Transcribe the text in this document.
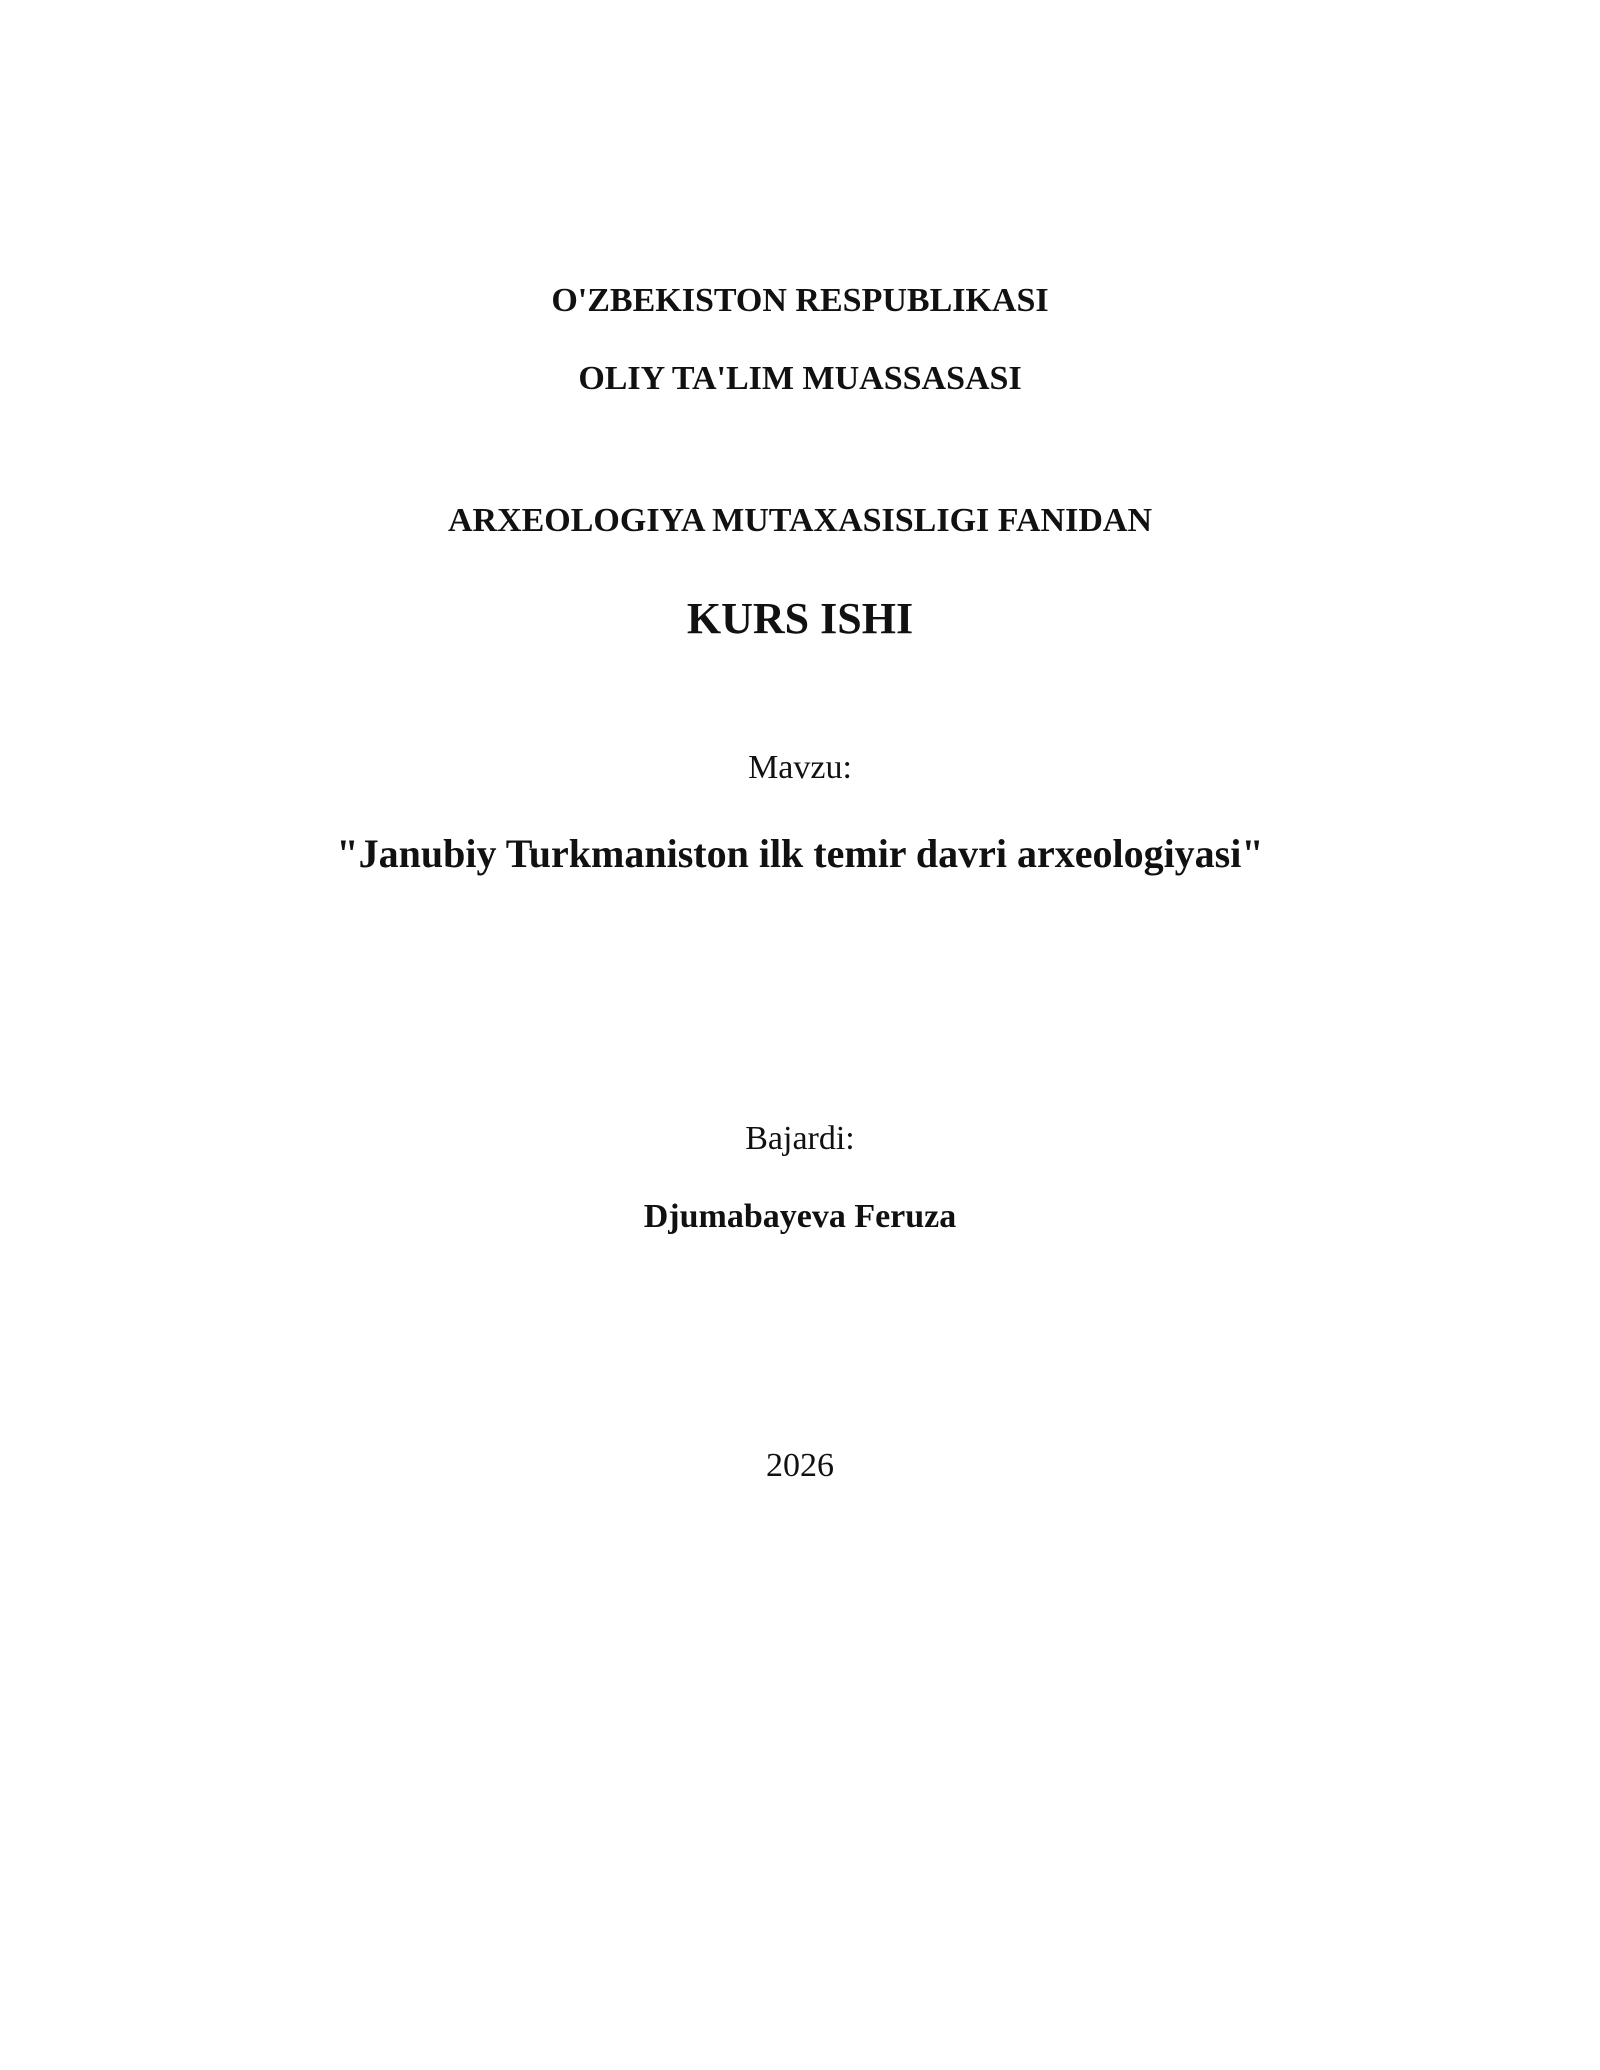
O'ZBEKISTON RESPUBLIKASI
OLIY TA'LIM MUASSASASI
ARXEOLOGIYA MUTAXASISLIGI FANIDAN
KURS ISHI
Mavzu:
"Janubiy Turkmaniston ilk temir davri arxeologiyasi"
Bajardi:
Djumabayeva Feruza
2026
